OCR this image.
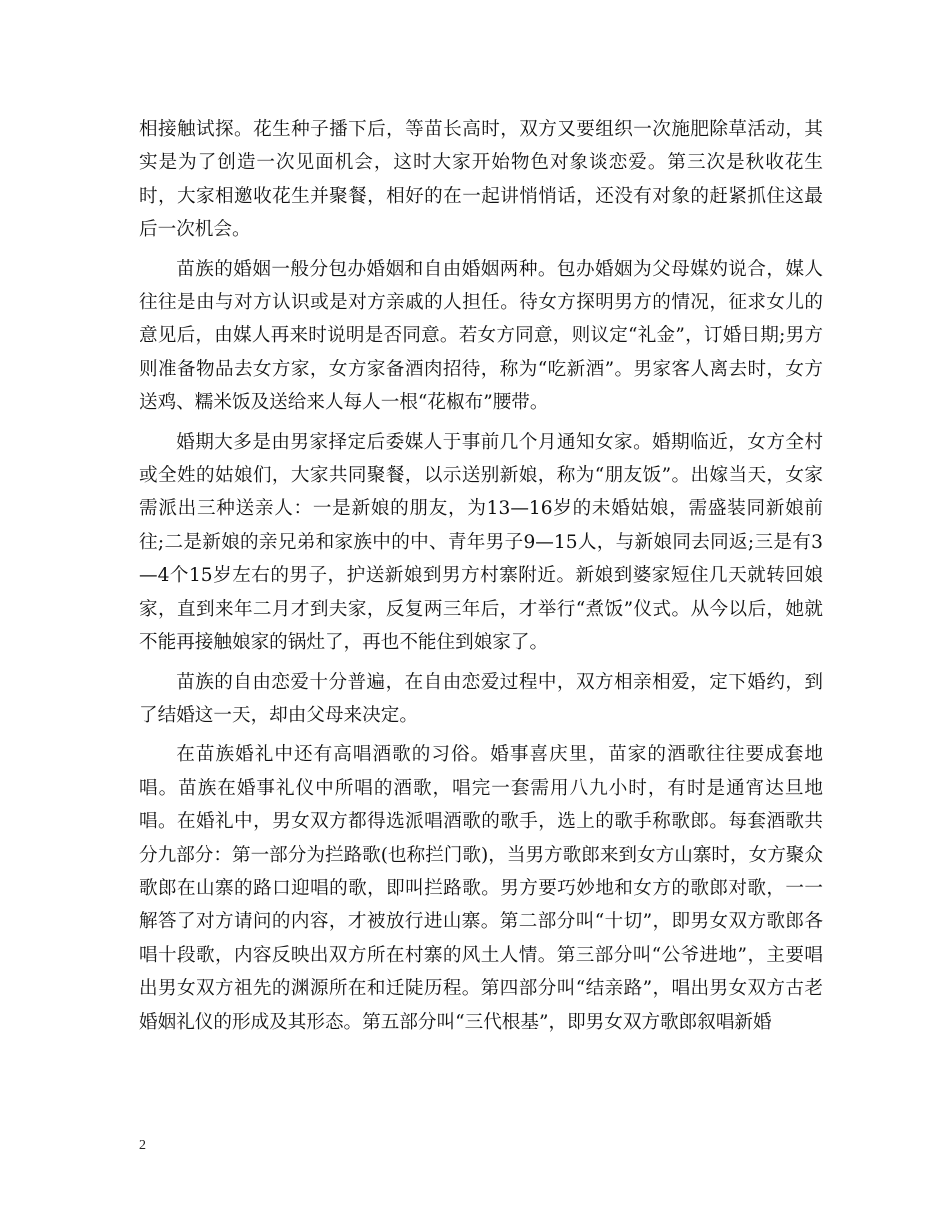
相接触试探。花生种子播下后，等苗长高时，双方又要组织一次施肥除草活动，其实是为了创造一次见面机会，这时大家开始物色对象谈恋爱。第三次是秋收花生时，大家相邀收花生并聚餐，相好的在一起讲悄悄话，还没有对象的赶紧抓住这最后一次机会。

苗族的婚姻一般分包办婚姻和自由婚姻两种。包办婚姻为父母媒妁说合，媒人往往是由与对方认识或是对方亲戚的人担任。待女方探明男方的情况，征求女儿的意见后，由媒人再来时说明是否同意。若女方同意，则议定“礼金”，订婚日期;男方则准备物品去女方家，女方家备酒肉招待，称为“吃新酒”。男家客人离去时，女方送鸡、糯米饭及送给来人每人一根“花椒布”腰带。

婚期大多是由男家择定后委媒人于事前几个月通知女家。婚期临近，女方全村或全姓的姑娘们，大家共同聚餐，以示送别新娘，称为“朋友饭”。出嫁当天，女家需派出三种送亲人：一是新娘的朋友，为13—16岁的未婚姑娘，需盛装同新娘前往;二是新娘的亲兄弟和家族中的中、青年男子9—15人，与新娘同去同返;三是有3—4个15岁左右的男子，护送新娘到男方村寨附近。新娘到婆家短住几天就转回娘家，直到来年二月才到夫家，反复两三年后，才举行“煮饭”仪式。从今以后，她就不能再接触娘家的锅灶了，再也不能住到娘家了。

苗族的自由恋爱十分普遍，在自由恋爱过程中，双方相亲相爱，定下婚约，到了结婚这一天，却由父母来决定。

在苗族婚礼中还有高唱酒歌的习俗。婚事喜庆里，苗家的酒歌往往要成套地唱。苗族在婚事礼仪中所唱的酒歌，唱完一套需用八九小时，有时是通宵达旦地唱。在婚礼中，男女双方都得选派唱酒歌的歌手，选上的歌手称歌郎。每套酒歌共分九部分：第一部分为拦路歌(也称拦门歌)，当男方歌郎来到女方山寨时，女方聚众歌郎在山寨的路口迎唱的歌，即叫拦路歌。男方要巧妙地和女方的歌郎对歌，一一解答了对方请问的内容，才被放行进山寨。第二部分叫“十切”，即男女双方歌郎各唱十段歌，内容反映出双方所在村寨的风土人情。第三部分叫“公爷进地”，主要唱出男女双方祖先的渊源所在和迁陡历程。第四部分叫“结亲路”，唱出男女双方古老婚姻礼仪的形成及其形态。第五部分叫“三代根基”，即男女双方歌郎叙唱新婚

2
